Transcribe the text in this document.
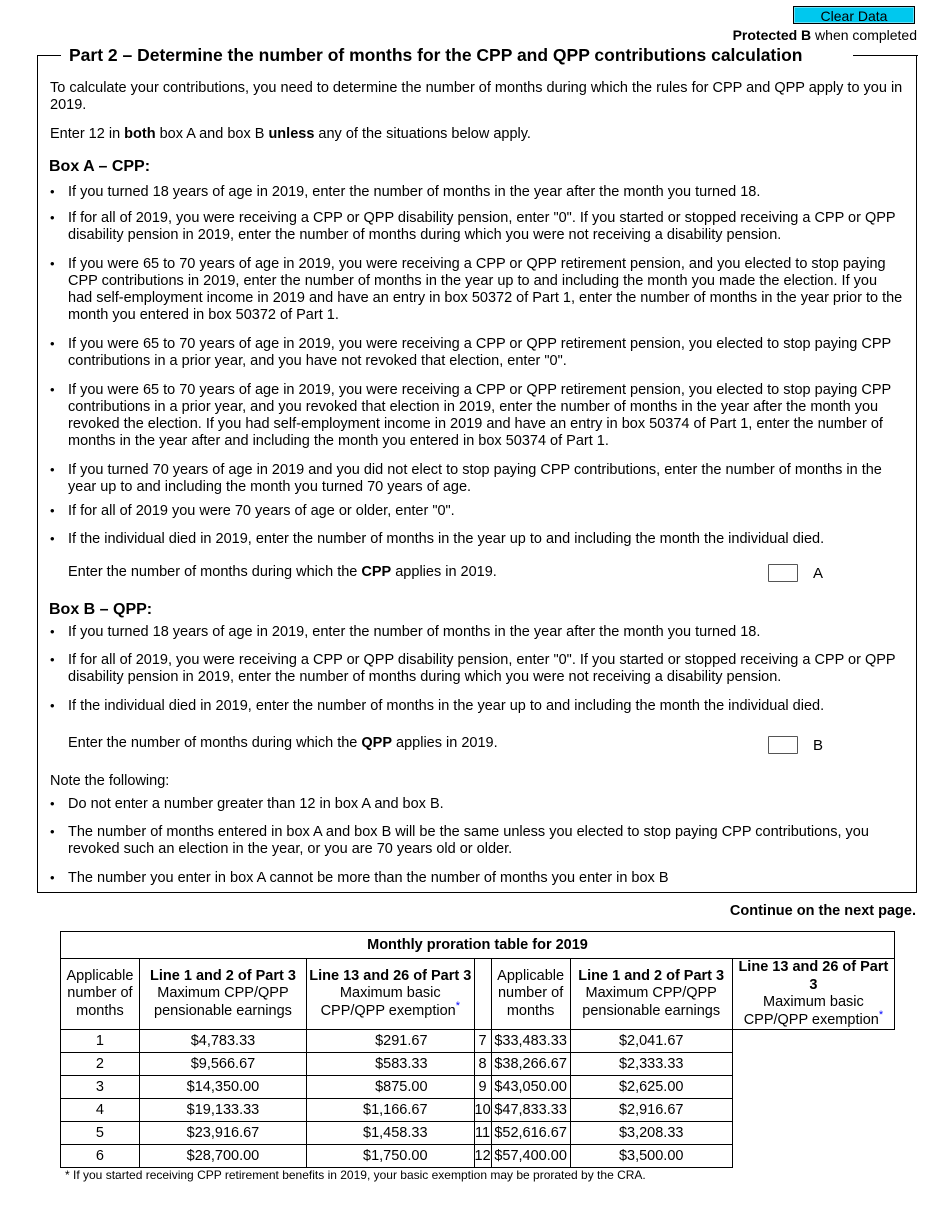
Clear Data
Protected B when completed
Part 2 – Determine the number of months for the CPP and QPP contributions calculation
To calculate your contributions, you need to determine the number of months during which the rules for CPP and QPP apply to you in 2019.
Enter 12 in both box A and box B unless any of the situations below apply.
Box A – CPP:
• If you turned 18 years of age in 2019, enter the number of months in the year after the month you turned 18.
• If for all of 2019, you were receiving a CPP or QPP disability pension, enter "0". If you started or stopped receiving a CPP or QPP disability pension in 2019, enter the number of months during which you were not receiving a disability pension.
• If you were 65 to 70 years of age in 2019, you were receiving a CPP or QPP retirement pension, and you elected to stop paying CPP contributions in 2019, enter the number of months in the year up to and including the month you made the election. If you had self-employment income in 2019 and have an entry in box 50372 of Part 1, enter the number of months in the year prior to the month you entered in box 50372 of Part 1.
• If you were 65 to 70 years of age in 2019, you were receiving a CPP or QPP retirement pension, you elected to stop paying CPP contributions in a prior year, and you have not revoked that election, enter "0".
• If you were 65 to 70 years of age in 2019, you were receiving a CPP or QPP retirement pension, you elected to stop paying CPP contributions in a prior year, and you revoked that election in 2019, enter the number of months in the year after the month you revoked the election. If you had self-employment income in 2019 and have an entry in box 50374 of Part 1, enter the number of months in the year after and including the month you entered in box 50374 of Part 1.
• If you turned 70 years of age in 2019 and you did not elect to stop paying CPP contributions, enter the number of months in the year up to and including the month you turned 70 years of age.
• If for all of 2019 you were 70 years of age or older, enter "0".
• If the individual died in 2019, enter the number of months in the year up to and including the month the individual died.
Enter the number of months during which the CPP applies in 2019.	A
Box B – QPP:
• If you turned 18 years of age in 2019, enter the number of months in the year after the month you turned 18.
• If for all of 2019, you were receiving a CPP or QPP disability pension, enter "0". If you started or stopped receiving a CPP or QPP disability pension in 2019, enter the number of months during which you were not receiving a disability pension.
• If the individual died in 2019, enter the number of months in the year up to and including the month the individual died.
Enter the number of months during which the QPP applies in 2019.	B
Note the following:
• Do not enter a number greater than 12 in box A and box B.
• The number of months entered in box A and box B will be the same unless you elected to stop paying CPP contributions, you revoked such an election in the year, or you are 70 years old or older.
• The number you enter in box A cannot be more than the number of months you enter in box B
Continue on the next page.
Monthly proration table for 2019						
Applicable
number of
months	Line 1 and 2 of Part 3
Maximum CPP/QPP
pensionable earnings	Line 13 and 26 of Part 3
Maximum basic
CPP/QPP exemption*		Applicable
number of
months	Line 1 and 2 of Part 3
Maximum CPP/QPP
pensionable earnings	Line 13 and 26 of Part 3
Maximum basic
CPP/QPP exemption*
1	$4,783.33	$291.67	7	$33,483.33	$2,041.67	
2	$9,566.67	$583.33	8	$38,266.67	$2,333.33	
3	$14,350.00	$875.00	9	$43,050.00	$2,625.00	
4	$19,133.33	$1,166.67	10	$47,833.33	$2,916.67	
5	$23,916.67	$1,458.33	11	$52,616.67	$3,208.33	
6	$28,700.00	$1,750.00	12	$57,400.00	$3,500.00	
* If you started receiving CPP retirement benefits in 2019, your basic exemption may be prorated by the CRA.
